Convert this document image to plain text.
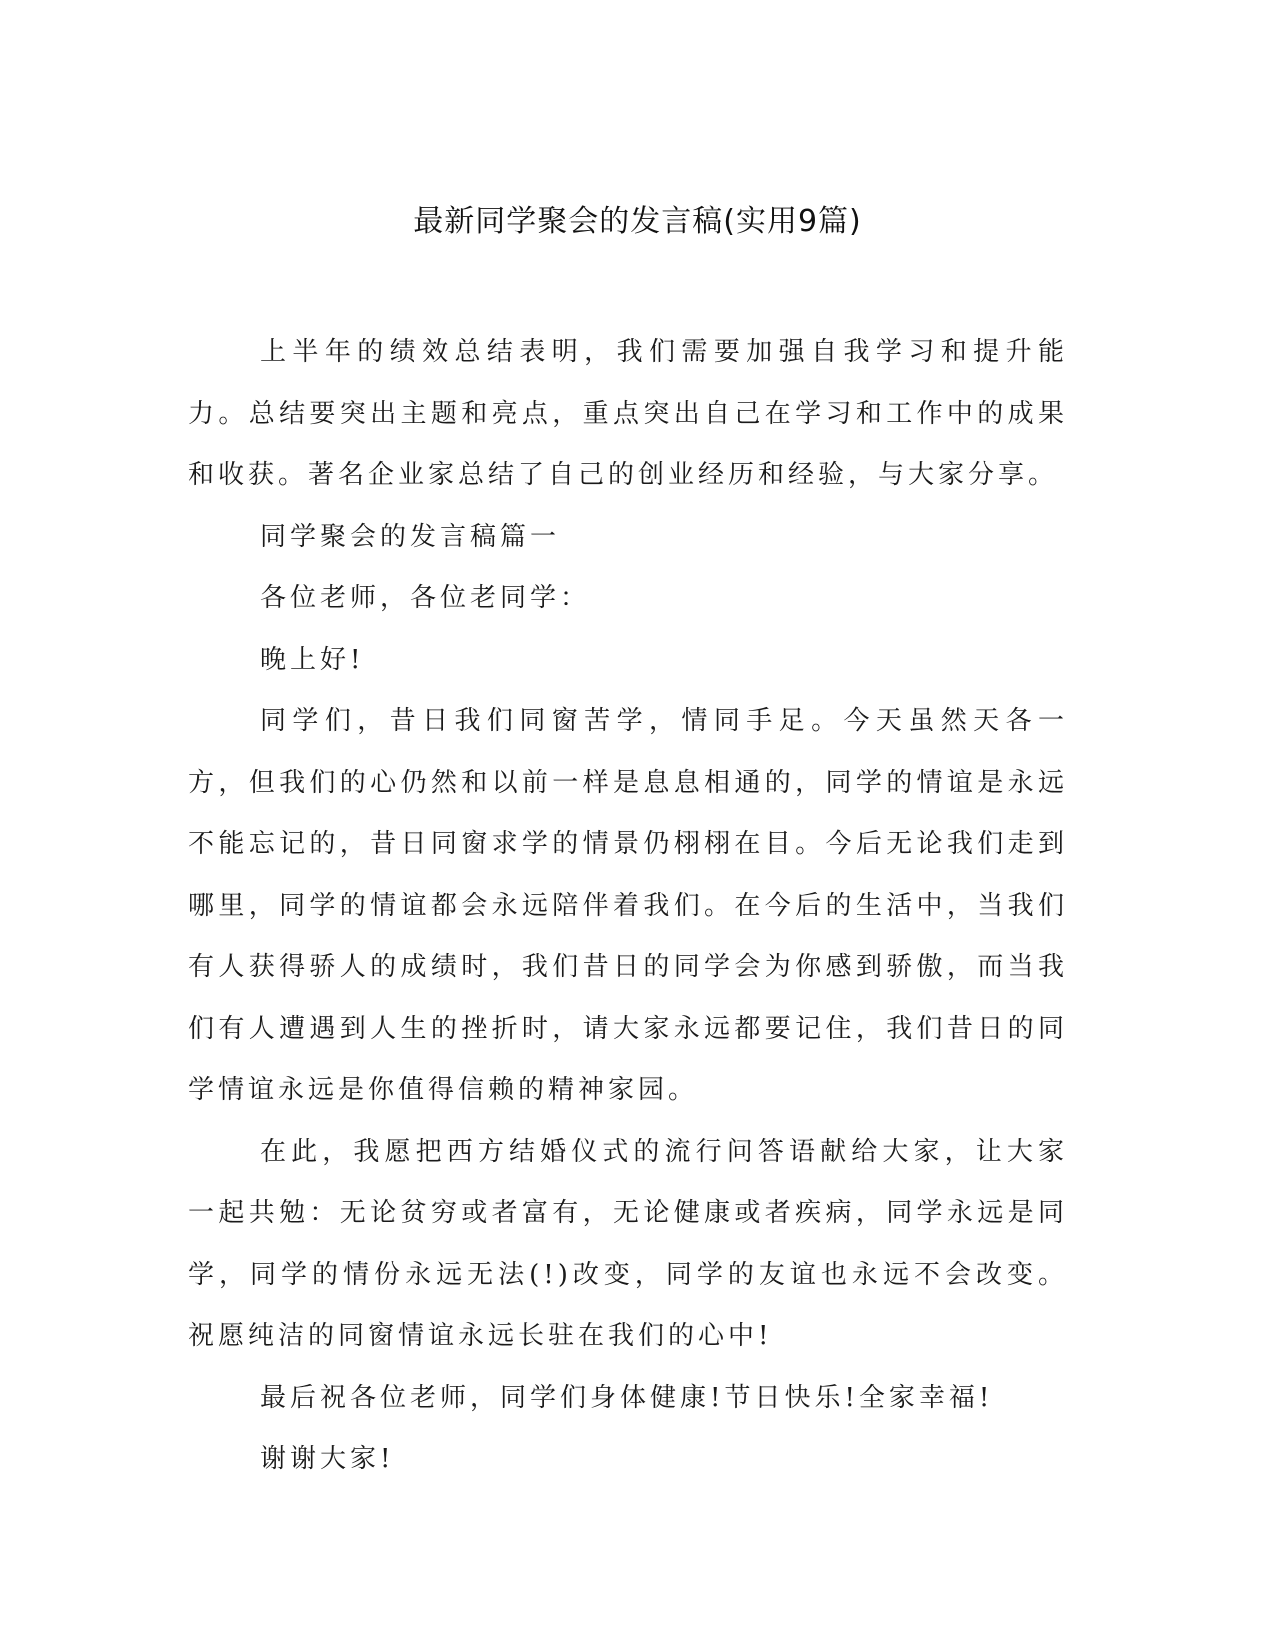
最新同学聚会的发言稿(实用9篇)

上半年的绩效总结表明，我们需要加强自我学习和提升能力。总结要突出主题和亮点，重点突出自己在学习和工作中的成果和收获。著名企业家总结了自己的创业经历和经验，与大家分享。

同学聚会的发言稿篇一

各位老师，各位老同学：

晚上好!

同学们，昔日我们同窗苦学，情同手足。今天虽然天各一方，但我们的心仍然和以前一样是息息相通的，同学的情谊是永远不能忘记的，昔日同窗求学的情景仍栩栩在目。今后无论我们走到哪里，同学的情谊都会永远陪伴着我们。在今后的生活中，当我们有人获得骄人的成绩时，我们昔日的同学会为你感到骄傲，而当我们有人遭遇到人生的挫折时，请大家永远都要记住，我们昔日的同学情谊永远是你值得信赖的精神家园。

在此，我愿把西方结婚仪式的流行问答语献给大家，让大家一起共勉：无论贫穷或者富有，无论健康或者疾病，同学永远是同学，同学的情份永远无法(!)改变，同学的友谊也永远不会改变。祝愿纯洁的同窗情谊永远长驻在我们的心中!

最后祝各位老师，同学们身体健康!节日快乐!全家幸福!

谢谢大家!
